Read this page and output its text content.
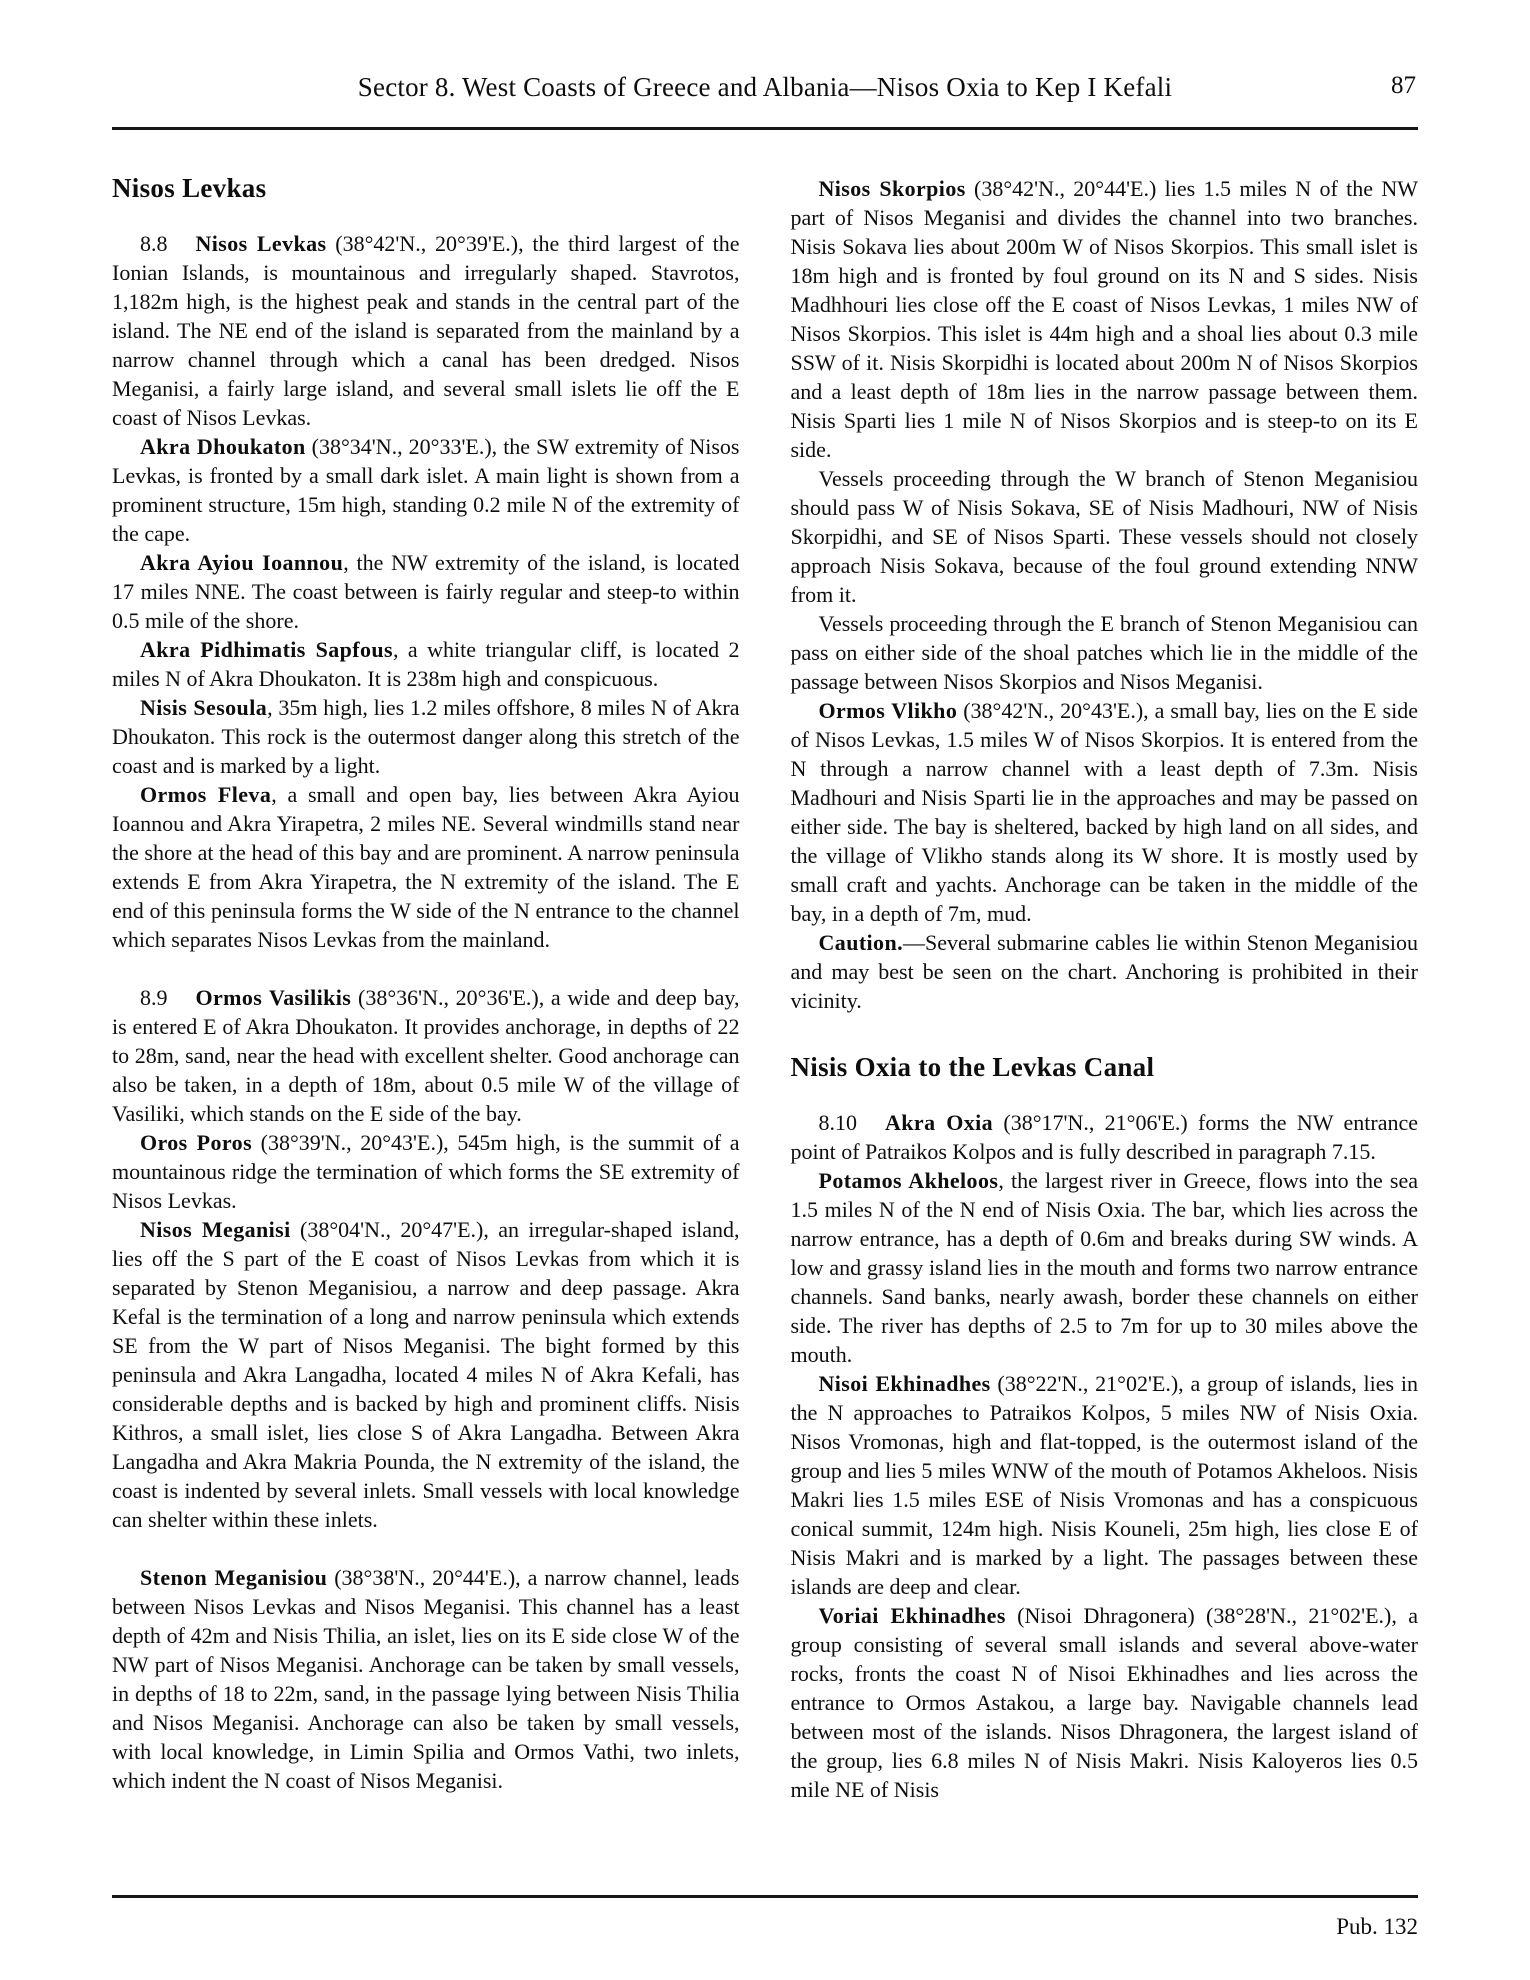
Sector 8. West Coasts of Greece and Albania—Nisos Oxia to Kep I Kefali	87
Nisos Levkas

8.8 Nisos Levkas (38°42'N., 20°39'E.), the third largest of the Ionian Islands, is mountainous and irregularly shaped. Stavrotos, 1,182m high, is the highest peak and stands in the central part of the island. The NE end of the island is separated from the mainland by a narrow channel through which a canal has been dredged. Nisos Meganisi, a fairly large island, and several small islets lie off the E coast of Nisos Levkas.

Akra Dhoukaton (38°34'N., 20°33'E.), the SW extremity of Nisos Levkas, is fronted by a small dark islet. A main light is shown from a prominent structure, 15m high, standing 0.2 mile N of the extremity of the cape.

Akra Ayiou Ioannou, the NW extremity of the island, is located 17 miles NNE. The coast between is fairly regular and steep-to within 0.5 mile of the shore.

Akra Pidhimatis Sapfous, a white triangular cliff, is located 2 miles N of Akra Dhoukaton. It is 238m high and conspicuous.

Nisis Sesoula, 35m high, lies 1.2 miles offshore, 8 miles N of Akra Dhoukaton. This rock is the outermost danger along this stretch of the coast and is marked by a light.

Ormos Fleva, a small and open bay, lies between Akra Ayiou Ioannou and Akra Yirapetra, 2 miles NE. Several windmills stand near the shore at the head of this bay and are prominent. A narrow peninsula extends E from Akra Yirapetra, the N extremity of the island. The E end of this peninsula forms the W side of the N entrance to the channel which separates Nisos Levkas from the mainland.

8.9 Ormos Vasilikis (38°36'N., 20°36'E.), a wide and deep bay, is entered E of Akra Dhoukaton. It provides anchorage, in depths of 22 to 28m, sand, near the head with excellent shelter. Good anchorage can also be taken, in a depth of 18m, about 0.5 mile W of the village of Vasiliki, which stands on the E side of the bay.

Oros Poros (38°39'N., 20°43'E.), 545m high, is the summit of a mountainous ridge the termination of which forms the SE extremity of Nisos Levkas.

Nisos Meganisi (38°04'N., 20°47'E.), an irregular-shaped island, lies off the S part of the E coast of Nisos Levkas from which it is separated by Stenon Meganisiou, a narrow and deep passage. Akra Kefal is the termination of a long and narrow peninsula which extends SE from the W part of Nisos Meganisi. The bight formed by this peninsula and Akra Langadha, located 4 miles N of Akra Kefali, has considerable depths and is backed by high and prominent cliffs. Nisis Kithros, a small islet, lies close S of Akra Langadha. Between Akra Langadha and Akra Makria Pounda, the N extremity of the island, the coast is indented by several inlets. Small vessels with local knowledge can shelter within these inlets.

Stenon Meganisiou (38°38'N., 20°44'E.), a narrow channel, leads between Nisos Levkas and Nisos Meganisi. This channel has a least depth of 42m and Nisis Thilia, an islet, lies on its E side close W of the NW part of Nisos Meganisi. Anchorage can be taken by small vessels, in depths of 18 to 22m, sand, in the passage lying between Nisis Thilia and Nisos Meganisi. Anchorage can also be taken by small vessels, with local knowledge, in Limin Spilia and Ormos Vathi, two inlets, which indent the N coast of Nisos Meganisi.

Nisos Skorpios (38°42'N., 20°44'E.) lies 1.5 miles N of the NW part of Nisos Meganisi and divides the channel into two branches. Nisis Sokava lies about 200m W of Nisos Skorpios. This small islet is 18m high and is fronted by foul ground on its N and S sides. Nisis Madhhouri lies close off the E coast of Nisos Levkas, 1 miles NW of Nisos Skorpios. This islet is 44m high and a shoal lies about 0.3 mile SSW of it. Nisis Skorpidhi is located about 200m N of Nisos Skorpios and a least depth of 18m lies in the narrow passage between them. Nisis Sparti lies 1 mile N of Nisos Skorpios and is steep-to on its E side.

Vessels proceeding through the W branch of Stenon Meganisiou should pass W of Nisis Sokava, SE of Nisis Madhouri, NW of Nisis Skorpidhi, and SE of Nisos Sparti. These vessels should not closely approach Nisis Sokava, because of the foul ground extending NNW from it.

Vessels proceeding through the E branch of Stenon Meganisiou can pass on either side of the shoal patches which lie in the middle of the passage between Nisos Skorpios and Nisos Meganisi.

Ormos Vlikho (38°42'N., 20°43'E.), a small bay, lies on the E side of Nisos Levkas, 1.5 miles W of Nisos Skorpios. It is entered from the N through a narrow channel with a least depth of 7.3m. Nisis Madhouri and Nisis Sparti lie in the approaches and may be passed on either side. The bay is sheltered, backed by high land on all sides, and the village of Vlikho stands along its W shore. It is mostly used by small craft and yachts. Anchorage can be taken in the middle of the bay, in a depth of 7m, mud.

Caution.—Several submarine cables lie within Stenon Meganisiou and may best be seen on the chart. Anchoring is prohibited in their vicinity.

Nisis Oxia to the Levkas Canal

8.10 Akra Oxia (38°17'N., 21°06'E.) forms the NW entrance point of Patraikos Kolpos and is fully described in paragraph 7.15.

Potamos Akheloos, the largest river in Greece, flows into the sea 1.5 miles N of the N end of Nisis Oxia. The bar, which lies across the narrow entrance, has a depth of 0.6m and breaks during SW winds. A low and grassy island lies in the mouth and forms two narrow entrance channels. Sand banks, nearly awash, border these channels on either side. The river has depths of 2.5 to 7m for up to 30 miles above the mouth.

Nisoi Ekhinadhes (38°22'N., 21°02'E.), a group of islands, lies in the N approaches to Patraikos Kolpos, 5 miles NW of Nisis Oxia. Nisos Vromonas, high and flat-topped, is the outermost island of the group and lies 5 miles WNW of the mouth of Potamos Akheloos. Nisis Makri lies 1.5 miles ESE of Nisis Vromonas and has a conspicuous conical summit, 124m high. Nisis Kouneli, 25m high, lies close E of Nisis Makri and is marked by a light. The passages between these islands are deep and clear.

Voriai Ekhinadhes (Nisoi Dhragonera) (38°28'N., 21°02'E.), a group consisting of several small islands and several above-water rocks, fronts the coast N of Nisoi Ekhinadhes and lies across the entrance to Ormos Astakou, a large bay. Navigable channels lead between most of the islands. Nisos Dhragonera, the largest island of the group, lies 6.8 miles N of Nisis Makri. Nisis Kaloyeros lies 0.5 mile NE of Nisis

Pub. 132
